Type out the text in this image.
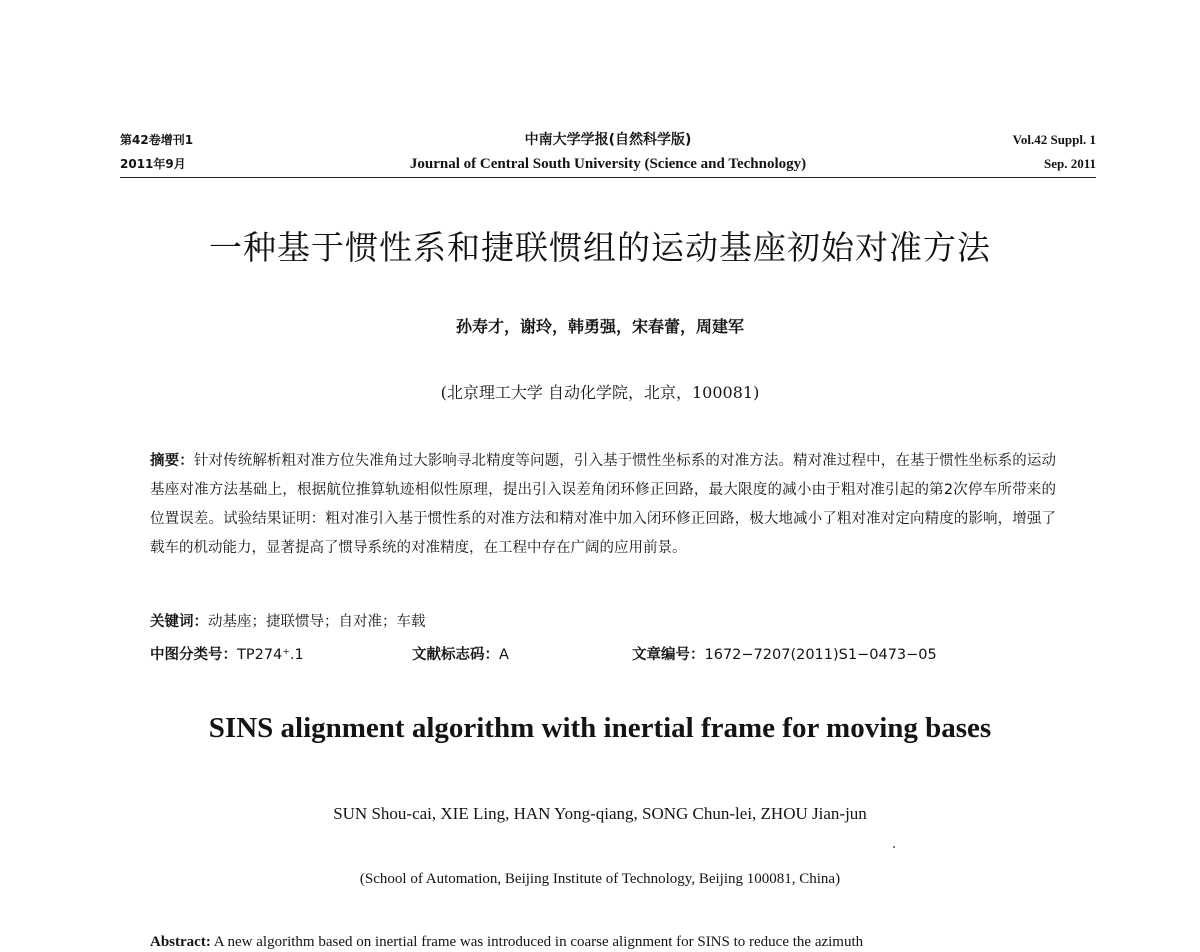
第42卷增刊1
2011年9月
中南大学学报(自然科学版)
Journal of Central South University (Science and Technology)
Vol.42 Suppl. 1
Sep. 2011
一种基于惯性系和捷联惯组的运动基座初始对准方法
孙寿才，谢玲，韩勇强，宋春蕾，周建军
(北京理工大学 自动化学院，北京，100081)
摘要：针对传统解析粗对准方位失准角过大影响寻北精度等问题，引入基于惯性坐标系的对准方法。精对准过程中，在基于惯性坐标系的运动基座对准方法基础上，根据航位推算轨迹相似性原理，提出引入误差角闭环修正回路，最大限度的减小由于粗对准引起的第2次停车所带来的位置误差。试验结果证明：粗对准引入基于惯性系的对准方法和精对准中加入闭环修正回路，极大地减小了粗对准对定向精度的影响，增强了载车的机动能力，显著提高了惯导系统的对准精度，在工程中存在广阔的应用前景。
关键词：动基座；捷联惯导；自对准；车载
中图分类号：TP274⁺.1	文献标志码：A	文章编号：1672−7207(2011)S1−0473−05
SINS alignment algorithm with inertial frame for moving bases
SUN Shou-cai, XIE Ling, HAN Yong-qiang, SONG Chun-lei, ZHOU Jian-jun
(School of Automation, Beijing Institute of Technology, Beijing 100081, China)
Abstract: A new algorithm based on inertial frame was introduced in coarse alignment for SINS to reduce the azimuth
